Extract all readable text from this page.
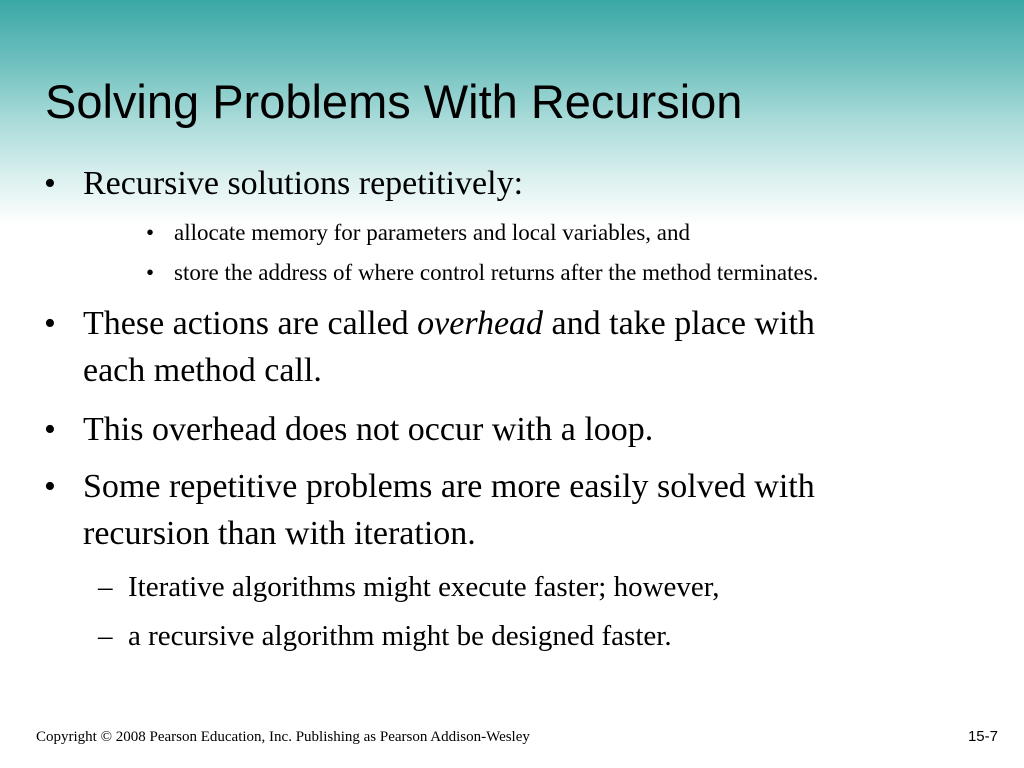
Solving Problems With Recursion
• Recursive solutions repetitively:
• allocate memory for parameters and local variables, and
• store the address of where control returns after the method terminates.
• These actions are called overhead and take place with
each method call.
• This overhead does not occur with a loop.
• Some repetitive problems are more easily solved with
recursion than with iteration.
– Iterative algorithms might execute faster; however,
– a recursive algorithm might be designed faster.
Copyright © 2008 Pearson Education, Inc. Publishing as Pearson Addison-Wesley	15-7
